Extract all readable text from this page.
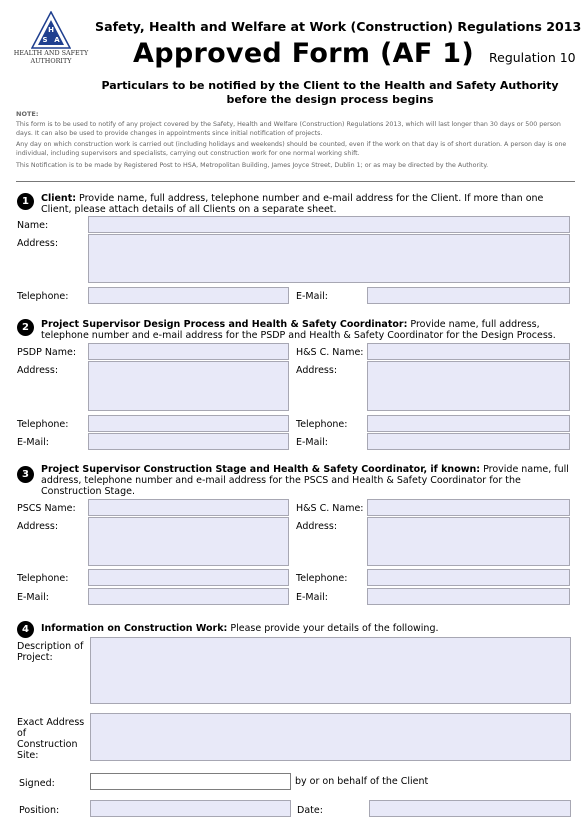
H
S A
HEALTH AND SAFETY
AUTHORITY
Safety, Health and Welfare at Work (Construction) Regulations 2013
Approved Form (AF 1) Regulation 10
Particulars to be notified by the Client to the Health and Safety Authority before the design process begins
NOTE:
This form is to be used to notify of any project covered by the Safety, Health and Welfare (Construction) Regulations 2013, which will last longer than 30 days or 500 person days. It can also be used to provide changes in appointments since initial notification of projects.
Any day on which construction work is carried out (including holidays and weekends) should be counted, even if the work on that day is of short duration. A person day is one individual, including supervisors and specialists, carrying out construction work for one normal working shift.
This Notification is to be made by Registered Post to HSA, Metropolitan Building, James Joyce Street, Dublin 1; or as may be directed by the Authority.
1	Client: Provide name, full address, telephone number and e-mail address for the Client. If more than one Client, please attach details of all Clients on a separate sheet.
Name:
Address:
Telephone:	E-Mail:
2	Project Supervisor Design Process and Health & Safety Coordinator: Provide name, full address, telephone number and e-mail address for the PSDP and Health & Safety Coordinator for the Design Process.
PSDP Name:	H&S C. Name:
Address:	Address:
Telephone:	Telephone:
E-Mail:	E-Mail:
3	Project Supervisor Construction Stage and Health & Safety Coordinator, if known: Provide name, full address, telephone number and e-mail address for the PSCS and Health & Safety Coordinator for the Construction Stage.
PSCS Name:	H&S C. Name:
Address:	Address:
Telephone:	Telephone:
E-Mail:	E-Mail:
4	Information on Construction Work: Please provide your details of the following.
Description of Project:
Exact Address of Construction Site:
Signed:	by or on behalf of the Client
Position:	Date:
